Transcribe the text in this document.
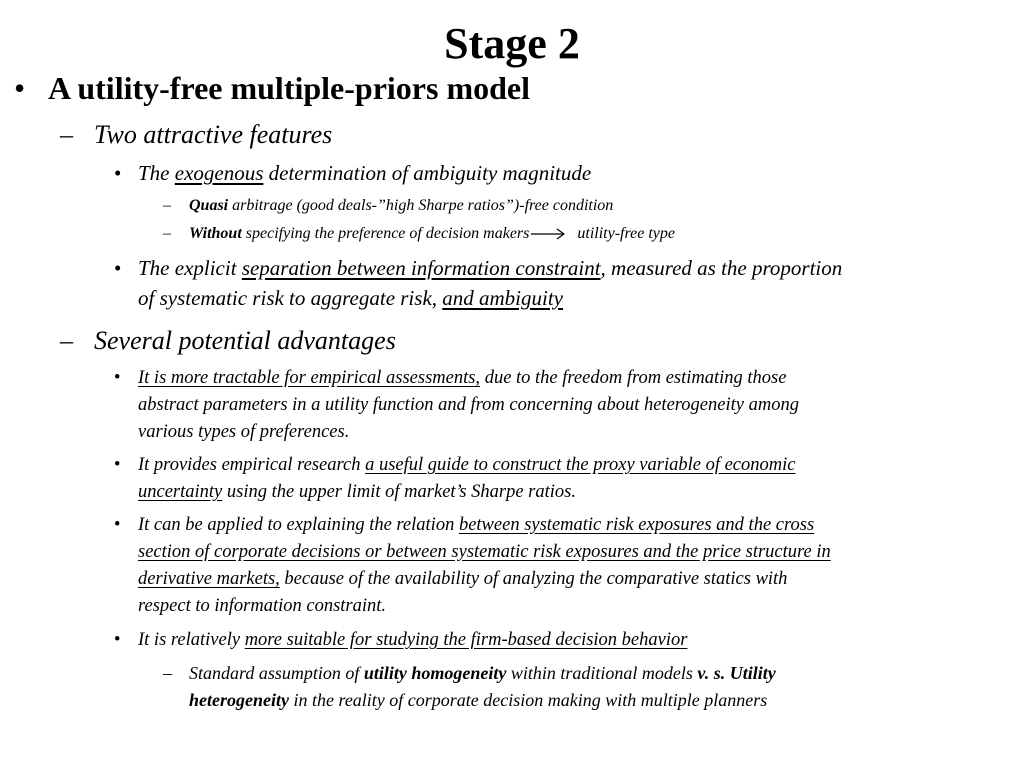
Stage 2
• A utility-free multiple-priors model
– Two attractive features
• The exogenous determination of ambiguity magnitude
– Quasi arbitrage (good deals-”high Sharpe ratios”)-free condition
– Without specifying the preference of decision makers	utility-free type
• The explicit separation between information constraint, measured as the proportion
of systematic risk to aggregate risk, and ambiguity
– Several potential advantages
• It is more tractable for empirical assessments, due to the freedom from estimating those
abstract parameters in a utility function and from concerning about heterogeneity among
various types of preferences.
• It provides empirical research a useful guide to construct the proxy variable of economic
uncertainty using the upper limit of market’s Sharpe ratios.
• It can be applied to explaining the relation between systematic risk exposures and the cross
section of corporate decisions or between systematic risk exposures and the price structure in
derivative markets, because of the availability of analyzing the comparative statics with
respect to information constraint.
• It is relatively more suitable for studying the firm-based decision behavior
– Standard assumption of utility homogeneity within traditional models v. s. Utility
heterogeneity in the reality of corporate decision making with multiple planners
